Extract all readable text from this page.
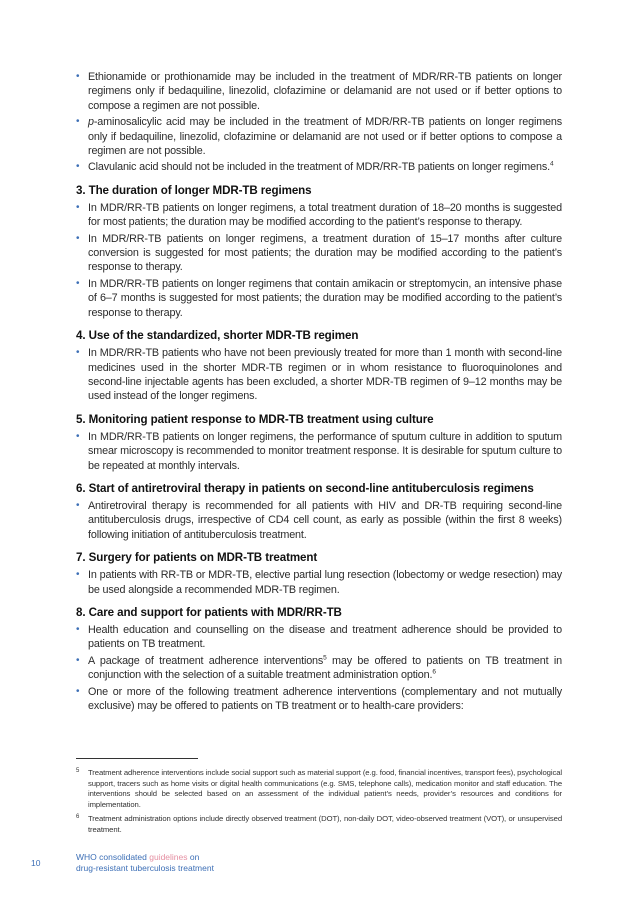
• Ethionamide or prothionamide may be included in the treatment of MDR/RR-TB patients on longer regimens only if bedaquiline, linezolid, clofazimine or delamanid are not used or if better options to compose a regimen are not possible.
• p-aminosalicylic acid may be included in the treatment of MDR/RR-TB patients on longer regimens only if bedaquiline, linezolid, clofazimine or delamanid are not used or if better options to compose a regimen are not possible.
• Clavulanic acid should not be included in the treatment of MDR/RR-TB patients on longer regimens.$^4$
3. The duration of longer MDR-TB regimens
• In MDR/RR-TB patients on longer regimens, a total treatment duration of 18–20 months is suggested for most patients; the duration may be modified according to the patient’s response to therapy.
• In MDR/RR-TB patients on longer regimens, a treatment duration of 15–17 months after culture conversion is suggested for most patients; the duration may be modified according to the patient’s response to therapy.
• In MDR/RR-TB patients on longer regimens that contain amikacin or streptomycin, an intensive phase of 6–7 months is suggested for most patients; the duration may be modified according to the patient’s response to therapy.
4. Use of the standardized, shorter MDR-TB regimen
• In MDR/RR-TB patients who have not been previously treated for more than 1 month with second-line medicines used in the shorter MDR-TB regimen or in whom resistance to fluoroquinolones and second-line injectable agents has been excluded, a shorter MDR-TB regimen of 9–12 months may be used instead of the longer regimens.
5. Monitoring patient response to MDR-TB treatment using culture
• In MDR/RR-TB patients on longer regimens, the performance of sputum culture in addition to sputum smear microscopy is recommended to monitor treatment response. It is desirable for sputum culture to be repeated at monthly intervals.
6. Start of antiretroviral therapy in patients on second-line antituberculosis regimens
• Antiretroviral therapy is recommended for all patients with HIV and DR-TB requiring second-line antituberculosis drugs, irrespective of CD4 cell count, as early as possible (within the first 8 weeks) following initiation of antituberculosis treatment.
7. Surgery for patients on MDR-TB treatment
• In patients with RR-TB or MDR-TB, elective partial lung resection (lobectomy or wedge resection) may be used alongside a recommended MDR-TB regimen.
8. Care and support for patients with MDR/RR-TB
• Health education and counselling on the disease and treatment adherence should be provided to patients on TB treatment.
• A package of treatment adherence interventions$^5$ may be offered to patients on TB treatment in conjunction with the selection of a suitable treatment administration option.$^6$
• One or more of the following treatment adherence interventions (complementary and not mutually exclusive) may be offered to patients on TB treatment or to health-care providers:
5 Treatment adherence interventions include social support such as material support (e.g. food, financial incentives, transport fees), psychological support, tracers such as home visits or digital health communications (e.g. SMS, telephone calls), medication monitor and staff education. The interventions should be selected based on an assessment of the individual patient’s needs, provider’s resources and conditions for implementation.
6 Treatment administration options include directly observed treatment (DOT), non-daily DOT, video-observed treatment (VOT), or unsupervised treatment.
10
WHO consolidated guidelines on
drug-resistant tuberculosis treatment
